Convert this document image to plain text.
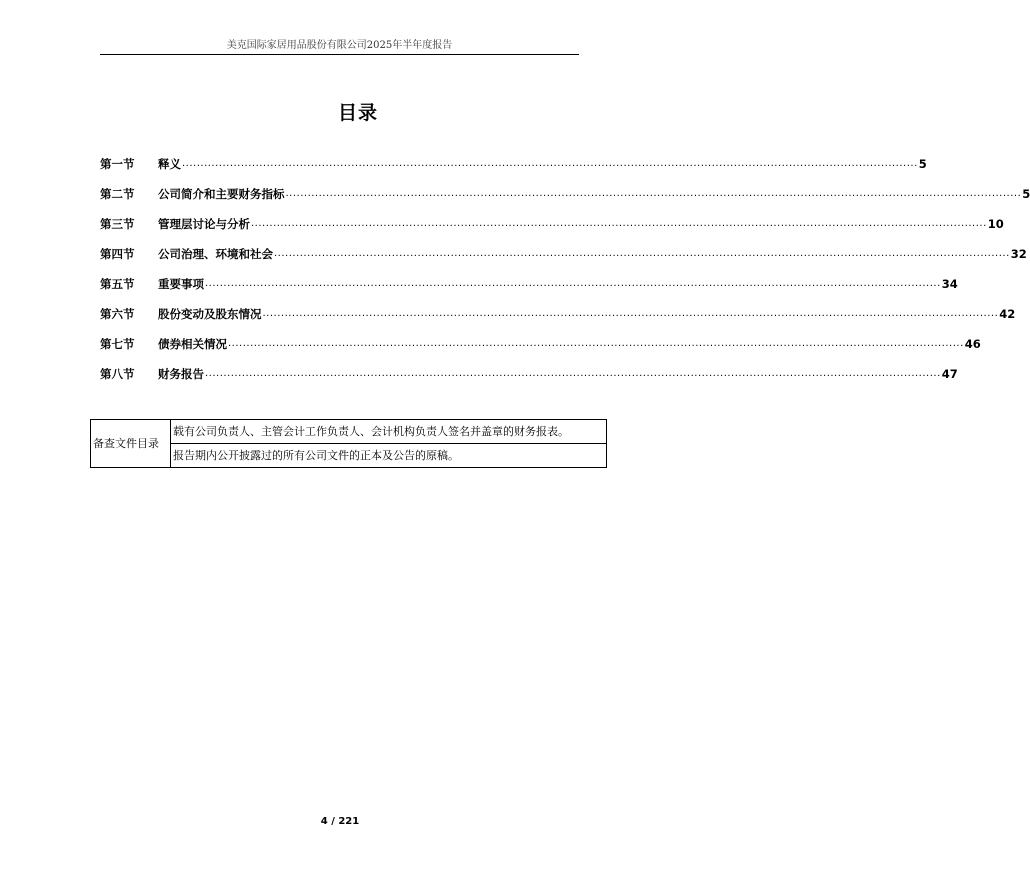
美克国际家居用品股份有限公司2025年半年度报告
目录
第一节	释义 ........................................................................................................................................................................................................ 5
第二节	公司简介和主要财务指标 ........................................................................................................................................................................................................ 5
第三节	管理层讨论与分析 ........................................................................................................................................................................................................ 10
第四节	公司治理、环境和社会 ........................................................................................................................................................................................................ 32
第五节	重要事项 ........................................................................................................................................................................................................ 34
第六节	股份变动及股东情况 ........................................................................................................................................................................................................ 42
第七节	债券相关情况 ........................................................................................................................................................................................................ 46
第八节	财务报告 ........................................................................................................................................................................................................ 47
备查文件目录	载有公司负责人、主管会计工作负责人、会计机构负责人签名并盖章的财务报表。
报告期内公开披露过的所有公司文件的正本及公告的原稿。
4 / 221
